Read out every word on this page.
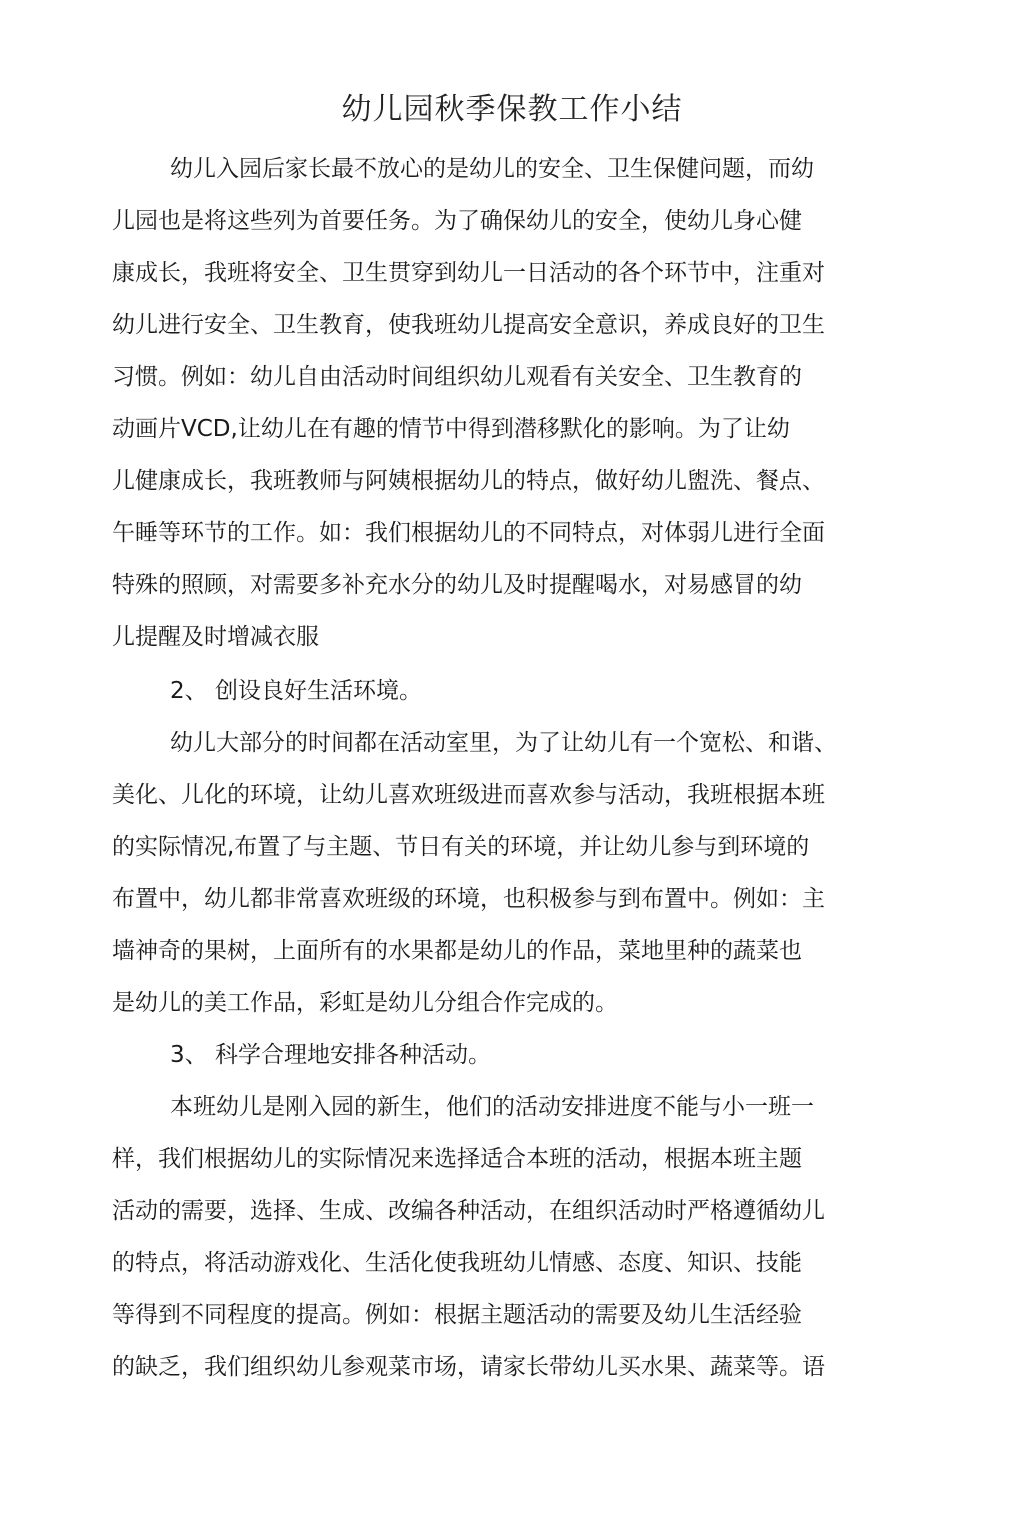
幼儿园秋季保教工作小结
幼儿入园后家长最不放心的是幼儿的安全、卫生保健问题，而幼
儿园也是将这些列为首要任务。为了确保幼儿的安全，使幼儿身心健
康成长，我班将安全、卫生贯穿到幼儿一日活动的各个环节中，注重对
幼儿进行安全、卫生教育，使我班幼儿提高安全意识，养成良好的卫生
习惯。例如：幼儿自由活动时间组织幼儿观看有关安全、卫生教育的
动画片VCD,让幼儿在有趣的情节中得到潜移默化的影响。为了让幼
儿健康成长，我班教师与阿姨根据幼儿的特点，做好幼儿盥洗、餐点、
午睡等环节的工作。如：我们根据幼儿的不同特点，对体弱儿进行全面
特殊的照顾，对需要多补充水分的幼儿及时提醒喝水，对易感冒的幼
儿提醒及时增减衣服
2、 创设良好生活环境。
幼儿大部分的时间都在活动室里，为了让幼儿有一个宽松、和谐、
美化、儿化的环境，让幼儿喜欢班级进而喜欢参与活动，我班根据本班
的实际情况,布置了与主题、节日有关的环境，并让幼儿参与到环境的
布置中，幼儿都非常喜欢班级的环境，也积极参与到布置中。例如：主
墙神奇的果树，上面所有的水果都是幼儿的作品，菜地里种的蔬菜也
是幼儿的美工作品，彩虹是幼儿分组合作完成的。
3、 科学合理地安排各种活动。
本班幼儿是刚入园的新生，他们的活动安排进度不能与小一班一
样，我们根据幼儿的实际情况来选择适合本班的活动，根据本班主题
活动的需要，选择、生成、改编各种活动，在组织活动时严格遵循幼儿
的特点，将活动游戏化、生活化使我班幼儿情感、态度、知识、技能
等得到不同程度的提高。例如：根据主题活动的需要及幼儿生活经验
的缺乏，我们组织幼儿参观菜市场，请家长带幼儿买水果、蔬菜等。语
